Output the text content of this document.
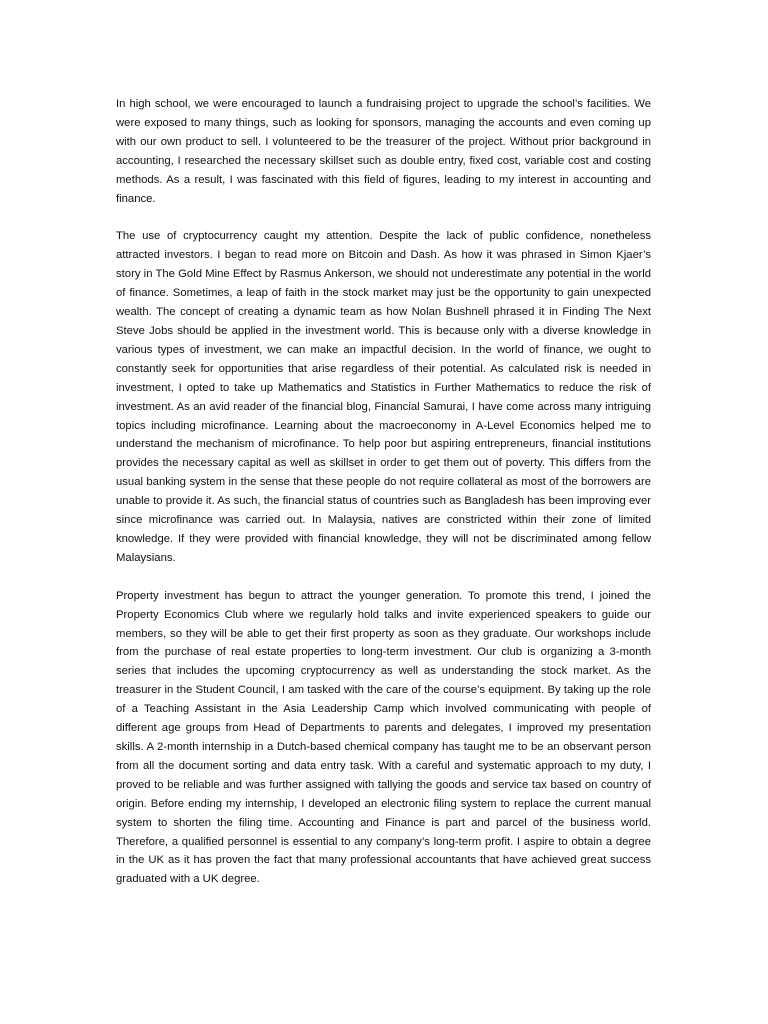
In high school, we were encouraged to launch a fundraising project to upgrade the school’s facilities. We were exposed to many things, such as looking for sponsors, managing the accounts and even coming up with our own product to sell. I volunteered to be the treasurer of the project. Without prior background in accounting, I researched the necessary skillset such as double entry, fixed cost, variable cost and costing methods. As a result, I was fascinated with this field of figures, leading to my interest in accounting and finance.

The use of cryptocurrency caught my attention. Despite the lack of public confidence, nonetheless attracted investors. I began to read more on Bitcoin and Dash. As how it was phrased in Simon Kjaer’s story in The Gold Mine Effect by Rasmus Ankerson, we should not underestimate any potential in the world of finance. Sometimes, a leap of faith in the stock market may just be the opportunity to gain unexpected wealth. The concept of creating a dynamic team as how Nolan Bushnell phrased it in Finding The Next Steve Jobs should be applied in the investment world. This is because only with a diverse knowledge in various types of investment, we can make an impactful decision. In the world of finance, we ought to constantly seek for opportunities that arise regardless of their potential. As calculated risk is needed in investment, I opted to take up Mathematics and Statistics in Further Mathematics to reduce the risk of investment. As an avid reader of the financial blog, Financial Samurai, I have come across many intriguing topics including microfinance. Learning about the macroeconomy in A-Level Economics helped me to understand the mechanism of microfinance. To help poor but aspiring entrepreneurs, financial institutions provides the necessary capital as well as skillset in order to get them out of poverty. This differs from the usual banking system in the sense that these people do not require collateral as most of the borrowers are unable to provide it. As such, the financial status of countries such as Bangladesh has been improving ever since microfinance was carried out. In Malaysia, natives are constricted within their zone of limited knowledge. If they were provided with financial knowledge, they will not be discriminated among fellow Malaysians.

Property investment has begun to attract the younger generation. To promote this trend, I joined the Property Economics Club where we regularly hold talks and invite experienced speakers to guide our members, so they will be able to get their first property as soon as they graduate. Our workshops include from the purchase of real estate properties to long-term investment. Our club is organizing a 3-month series that includes the upcoming cryptocurrency as well as understanding the stock market. As the treasurer in the Student Council, I am tasked with the care of the course’s equipment. By taking up the role of a Teaching Assistant in the Asia Leadership Camp which involved communicating with people of different age groups from Head of Departments to parents and delegates, I improved my presentation skills. A 2-month internship in a Dutch-based chemical company has taught me to be an observant person from all the document sorting and data entry task. With a careful and systematic approach to my duty, I proved to be reliable and was further assigned with tallying the goods and service tax based on country of origin. Before ending my internship, I developed an electronic filing system to replace the current manual system to shorten the filing time. Accounting and Finance is part and parcel of the business world. Therefore, a qualified personnel is essential to any company’s long-term profit. I aspire to obtain a degree in the UK as it has proven the fact that many professional accountants that have achieved great success graduated with a UK degree.
